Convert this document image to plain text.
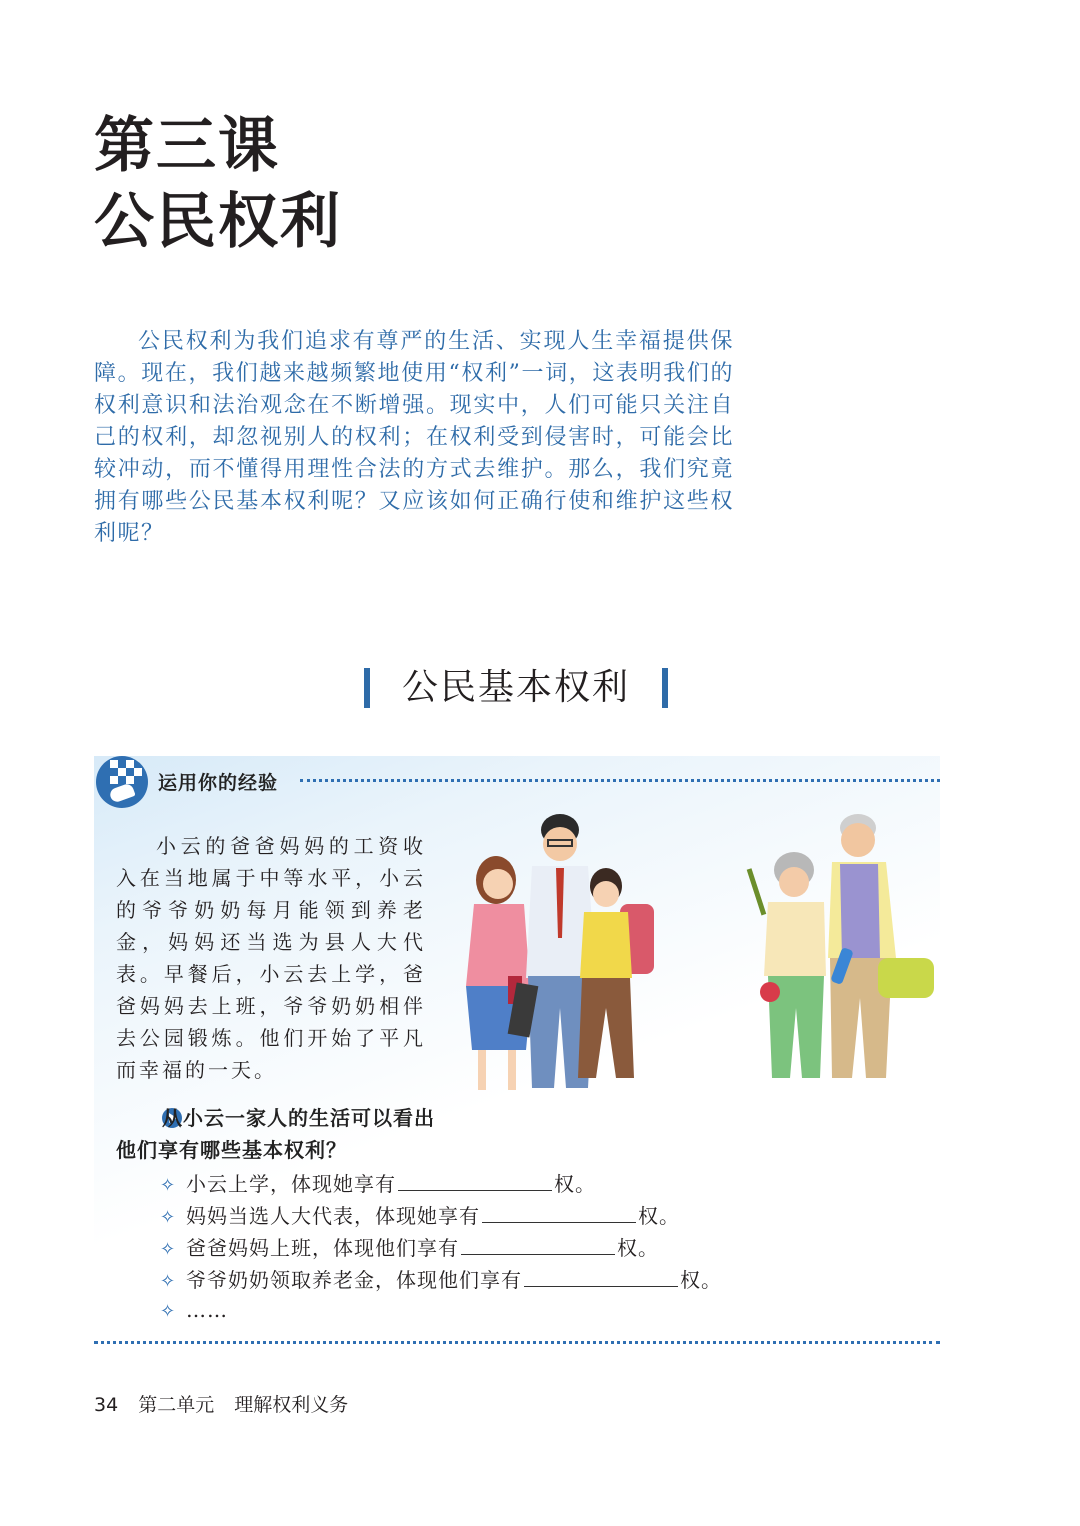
第三课
公民权利
公民权利为我们追求有尊严的生活、实现人生幸福提供保障。现在，我们越来越频繁地使用“权利”一词，这表明我们的权利意识和法治观念在不断增强。现实中，人们可能只关注自己的权利，却忽视别人的权利；在权利受到侵害时，可能会比较冲动，而不懂得用理性合法的方式去维护。那么，我们究竟拥有哪些公民基本权利呢？又应该如何正确行使和维护这些权利呢？
公民基本权利
运用你的经验
小云的爸爸妈妈的工资收入在当地属于中等水平，小云的爷爷奶奶每月能领到养老金，妈妈还当选为县人大代表。早餐后，小云去上学，爸爸妈妈去上班，爷爷奶奶相伴去公园锻炼。他们开始了平凡而幸福的一天。
从小云一家人的生活可以看出他们享有哪些基本权利？
✧ 小云上学，体现她享有	权。
✧ 妈妈当选人大代表，体现她享有	权。
✧ 爸爸妈妈上班，体现他们享有	权。
✧ 爷爷奶奶领取养老金，体现他们享有	权。
✧ ……
34 第二单元 理解权利义务
